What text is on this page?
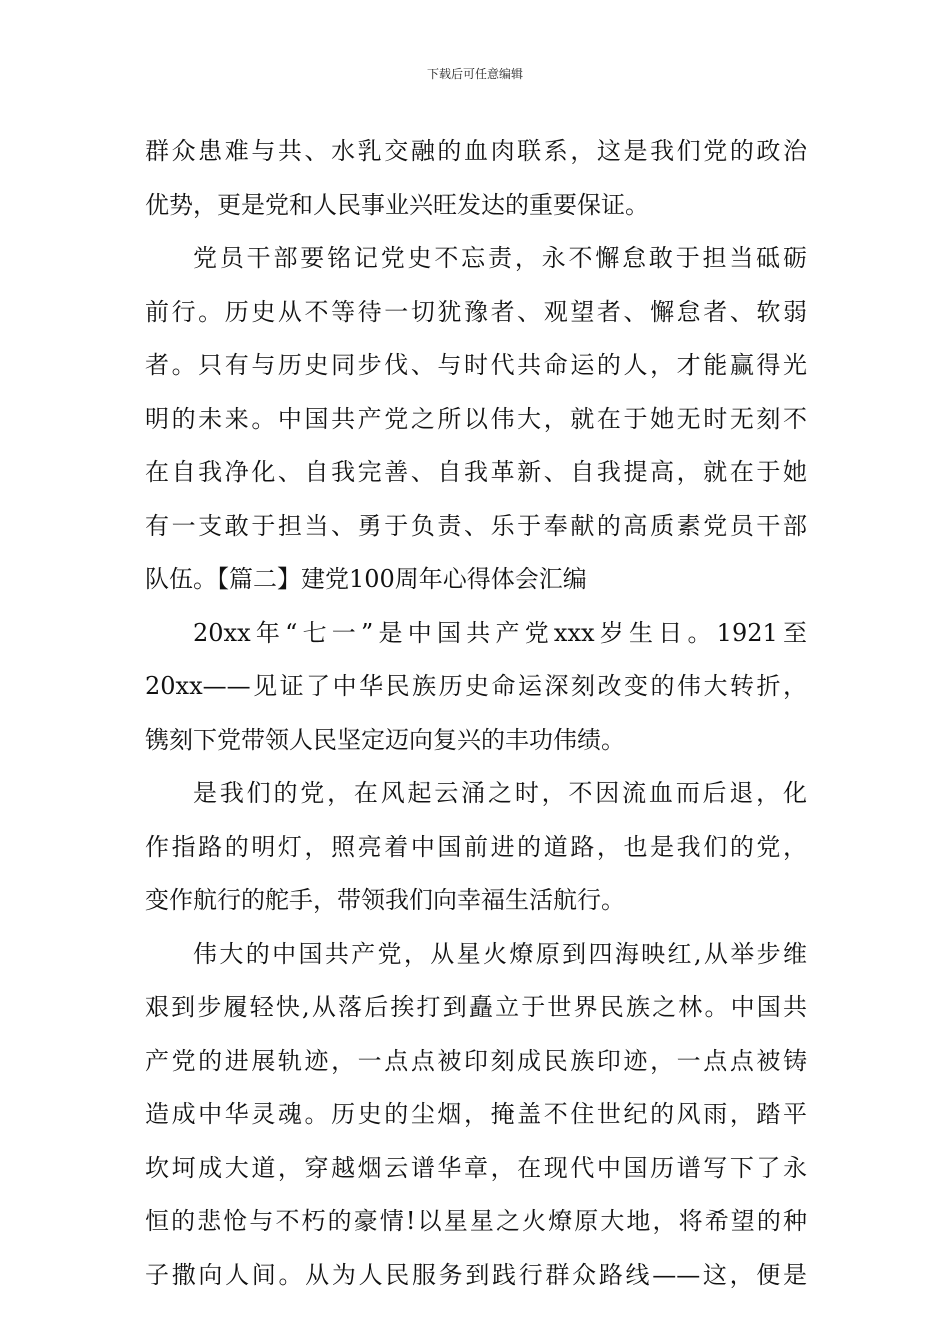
下载后可任意编辑
群众患难与共、水乳交融的血肉联系，这是我们党的政治
优势，更是党和人民事业兴旺发达的重要保证。
党员干部要铭记党史不忘责，永不懈怠敢于担当砥砺
前行。历史从不等待一切犹豫者、观望者、懈怠者、软弱
者。只有与历史同步伐、与时代共命运的人，才能赢得光
明的未来。中国共产党之所以伟大，就在于她无时无刻不
在自我净化、自我完善、自我革新、自我提高，就在于她
有一支敢于担当、勇于负责、乐于奉献的高质素党员干部
队伍。【篇二】建党100周年心得体会汇编
20xx年“七一”是中国共产党xxx岁生日。1921至
20xx——见证了中华民族历史命运深刻改变的伟大转折，
镌刻下党带领人民坚定迈向复兴的丰功伟绩。
是我们的党，在风起云涌之时，不因流血而后退，化
作指路的明灯，照亮着中国前进的道路，也是我们的党，
变作航行的舵手，带领我们向幸福生活航行。
伟大的中国共产党，从星火燎原到四海映红,从举步维
艰到步履轻快,从落后挨打到矗立于世界民族之林。中国共
产党的进展轨迹，一点点被印刻成民族印迹，一点点被铸
造成中华灵魂。历史的尘烟，掩盖不住世纪的风雨，踏平
坎坷成大道，穿越烟云谱华章，在现代中国历谱写下了永
恒的悲怆与不朽的豪情!以星星之火燎原大地，将希望的种
子撒向人间。从为人民服务到践行群众路线——这，便是
